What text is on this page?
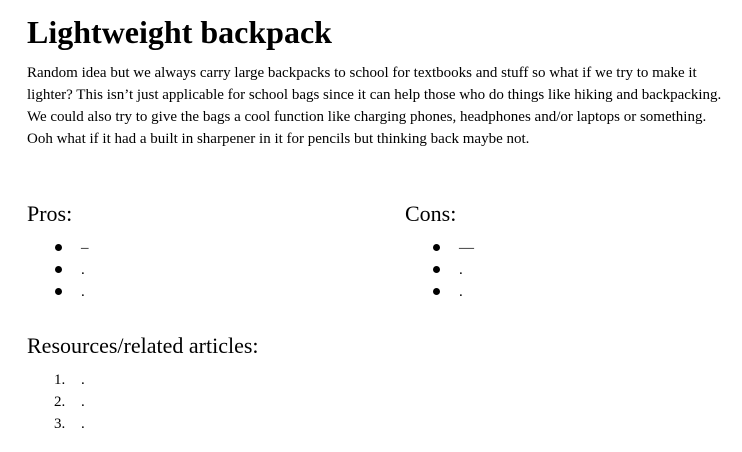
Lightweight backpack

Random idea but we always carry large backpacks to school for textbooks and stuff so what if we try to make it lighter? This isn’t just applicable for school bags since it can help those who do things like hiking and backpacking. We could also try to give the bags a cool function like charging phones, headphones and/or laptops or something. Ooh what if it had a built in sharpener in it for pencils but thinking back maybe not.

Pros:
–
.
.
Cons:
—
.
.
Resources/related articles:
1. .
2. .
3. .
